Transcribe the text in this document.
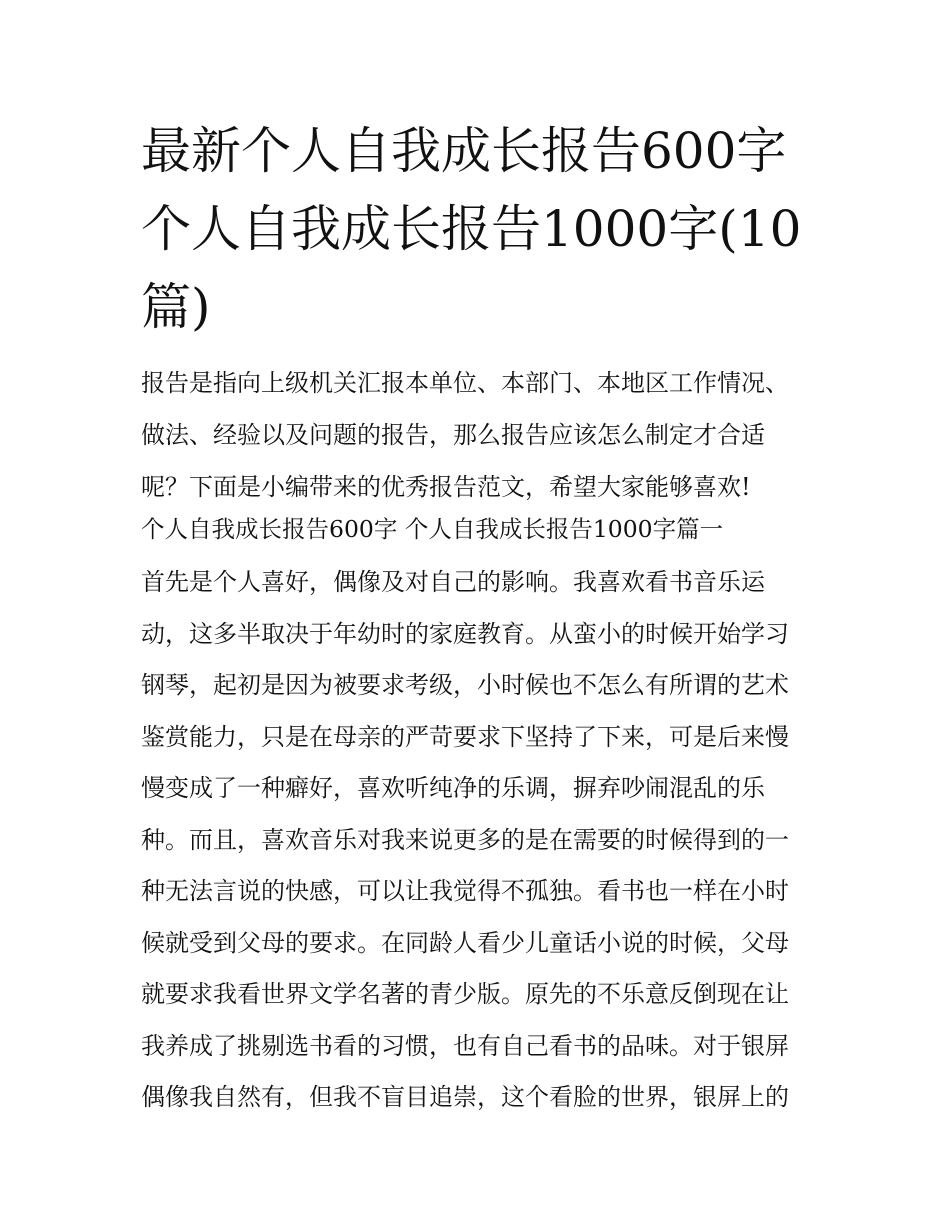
最新个人自我成长报告600字
个人自我成长报告1000字(10
篇)
报告是指向上级机关汇报本单位、本部门、本地区工作情况、
做法、经验以及问题的报告，那么报告应该怎么制定才合适
呢？下面是小编带来的优秀报告范文，希望大家能够喜欢!
个人自我成长报告600字 个人自我成长报告1000字篇一
首先是个人喜好，偶像及对自己的影响。我喜欢看书音乐运
动，这多半取决于年幼时的家庭教育。从蛮小的时候开始学习
钢琴，起初是因为被要求考级，小时候也不怎么有所谓的艺术
鉴赏能力，只是在母亲的严苛要求下坚持了下来，可是后来慢
慢变成了一种癖好，喜欢听纯净的乐调，摒弃吵闹混乱的乐
种。而且，喜欢音乐对我来说更多的是在需要的时候得到的一
种无法言说的快感，可以让我觉得不孤独。看书也一样在小时
候就受到父母的要求。在同龄人看少儿童话小说的时候，父母
就要求我看世界文学名著的青少版。原先的不乐意反倒现在让
我养成了挑剔选书看的习惯，也有自己看书的品味。对于银屏
偶像我自然有，但我不盲目追崇，这个看脸的世界，银屏上的
